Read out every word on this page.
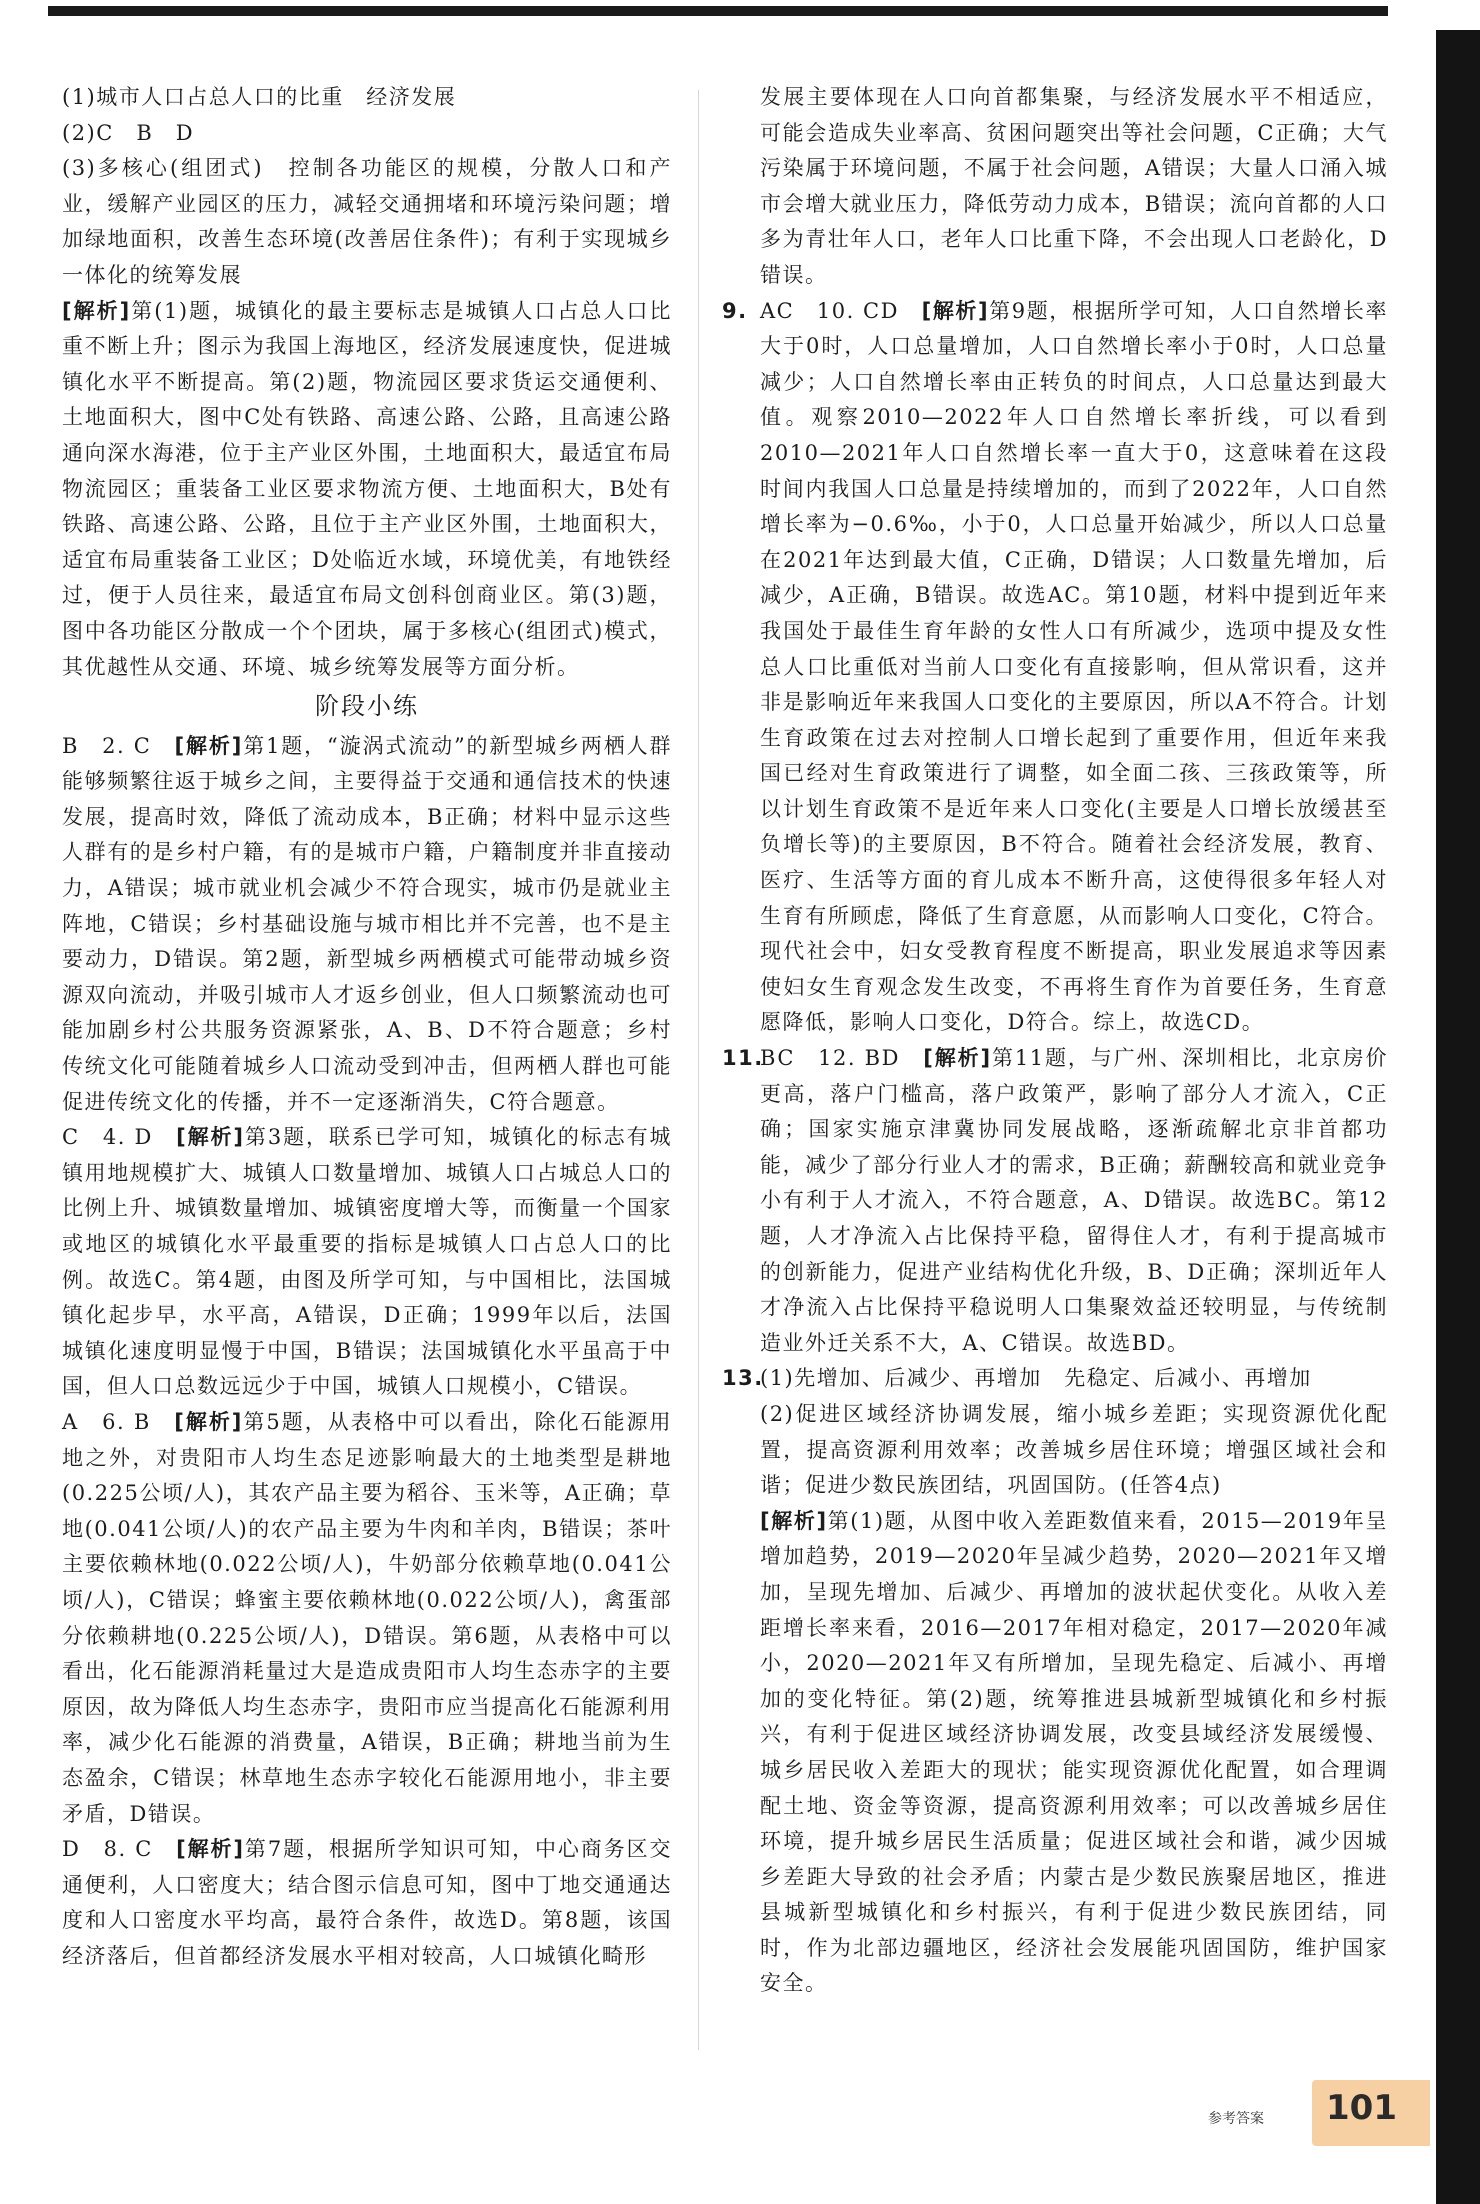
(1)城市人口占总人口的比重　经济发展

(2)C　B　D

(3)多核心(组团式)　控制各功能区的规模，分散人口和产业，缓解产业园区的压力，减轻交通拥堵和环境污染问题；增加绿地面积，改善生态环境(改善居住条件)；有利于实现城乡一体化的统筹发展

[解析]第(1)题，城镇化的最主要标志是城镇人口占总人口比重不断上升；图示为我国上海地区，经济发展速度快，促进城镇化水平不断提高。第(2)题，物流园区要求货运交通便利、土地面积大，图中C处有铁路、高速公路、公路，且高速公路通向深水海港，位于主产业区外围，土地面积大，最适宜布局物流园区；重装备工业区要求物流方便、土地面积大，B处有铁路、高速公路、公路，且位于主产业区外围，土地面积大，适宜布局重装备工业区；D处临近水域，环境优美，有地铁经过，便于人员往来，最适宜布局文创科创商业区。第(3)题，图中各功能区分散成一个个团块，属于多核心(组团式)模式，其优越性从交通、环境、城乡统筹发展等方面分析。

阶段小练

B　2. C　[解析]第1题，“漩涡式流动”的新型城乡两栖人群能够频繁往返于城乡之间，主要得益于交通和通信技术的快速发展，提高时效，降低了流动成本，B正确；材料中显示这些人群有的是乡村户籍，有的是城市户籍，户籍制度并非直接动力，A错误；城市就业机会减少不符合现实，城市仍是就业主阵地，C错误；乡村基础设施与城市相比并不完善，也不是主要动力，D错误。第2题，新型城乡两栖模式可能带动城乡资源双向流动，并吸引城市人才返乡创业，但人口频繁流动也可能加剧乡村公共服务资源紧张，A、B、D不符合题意；乡村传统文化可能随着城乡人口流动受到冲击，但两栖人群也可能促进传统文化的传播，并不一定逐渐消失，C符合题意。

C　4. D　[解析]第3题，联系已学可知，城镇化的标志有城镇用地规模扩大、城镇人口数量增加、城镇人口占城总人口的比例上升、城镇数量增加、城镇密度增大等，而衡量一个国家或地区的城镇化水平最重要的指标是城镇人口占总人口的比例。故选C。第4题，由图及所学可知，与中国相比，法国城镇化起步早，水平高，A错误，D正确；1999年以后，法国城镇化速度明显慢于中国，B错误；法国城镇化水平虽高于中国，但人口总数远远少于中国，城镇人口规模小，C错误。

A　6. B　[解析]第5题，从表格中可以看出，除化石能源用地之外，对贵阳市人均生态足迹影响最大的土地类型是耕地(0.225公顷/人)，其农产品主要为稻谷、玉米等，A正确；草地(0.041公顷/人)的农产品主要为牛肉和羊肉，B错误；茶叶主要依赖林地(0.022公顷/人)，牛奶部分依赖草地(0.041公顷/人)，C错误；蜂蜜主要依赖林地(0.022公顷/人)，禽蛋部分依赖耕地(0.225公顷/人)，D错误。第6题，从表格中可以看出，化石能源消耗量过大是造成贵阳市人均生态赤字的主要原因，故为降低人均生态赤字，贵阳市应当提高化石能源利用率，减少化石能源的消费量，A错误，B正确；耕地当前为生态盈余，C错误；林草地生态赤字较化石能源用地小，非主要矛盾，D错误。

D　8. C　[解析]第7题，根据所学知识可知，中心商务区交通便利，人口密度大；结合图示信息可知，图中丁地交通通达度和人口密度水平均高，最符合条件，故选D。第8题，该国经济落后，但首都经济发展水平相对较高，人口城镇化畸形

发展主要体现在人口向首都集聚，与经济发展水平不相适应，可能会造成失业率高、贫困问题突出等社会问题，C正确；大气污染属于环境问题，不属于社会问题，A错误；大量人口涌入城市会增大就业压力，降低劳动力成本，B错误；流向首都的人口多为青壮年人口，老年人口比重下降，不会出现人口老龄化，D错误。

9. AC　10. CD　[解析]第9题，根据所学可知，人口自然增长率大于0时，人口总量增加，人口自然增长率小于0时，人口总量减少；人口自然增长率由正转负的时间点，人口总量达到最大值。观察2010—2022年人口自然增长率折线，可以看到2010—2021年人口自然增长率一直大于0，这意味着在这段时间内我国人口总量是持续增加的，而到了2022年，人口自然增长率为−0.6‰，小于0，人口总量开始减少，所以人口总量在2021年达到最大值，C正确，D错误；人口数量先增加，后减少，A正确，B错误。故选AC。第10题，材料中提到近年来我国处于最佳生育年龄的女性人口有所减少，选项中提及女性总人口比重低对当前人口变化有直接影响，但从常识看，这并非是影响近年来我国人口变化的主要原因，所以A不符合。计划生育政策在过去对控制人口增长起到了重要作用，但近年来我国已经对生育政策进行了调整，如全面二孩、三孩政策等，所以计划生育政策不是近年来人口变化(主要是人口增长放缓甚至负增长等)的主要原因，B不符合。随着社会经济发展，教育、医疗、生活等方面的育儿成本不断升高，这使得很多年轻人对生育有所顾虑，降低了生育意愿，从而影响人口变化，C符合。现代社会中，妇女受教育程度不断提高，职业发展追求等因素使妇女生育观念发生改变，不再将生育作为首要任务，生育意愿降低，影响人口变化，D符合。综上，故选CD。

11.BC　12. BD　[解析]第11题，与广州、深圳相比，北京房价更高，落户门槛高，落户政策严，影响了部分人才流入，C正确；国家实施京津冀协同发展战略，逐渐疏解北京非首都功能，减少了部分行业人才的需求，B正确；薪酬较高和就业竞争小有利于人才流入，不符合题意，A、D错误。故选BC。第12题，人才净流入占比保持平稳，留得住人才，有利于提高城市的创新能力，促进产业结构优化升级，B、D正确；深圳近年人才净流入占比保持平稳说明人口集聚效益还较明显，与传统制造业外迁关系不大，A、C错误。故选BD。

13.(1)先增加、后减少、再增加　先稳定、后减小、再增加

(2)促进区域经济协调发展，缩小城乡差距；实现资源优化配置，提高资源利用效率；改善城乡居住环境；增强区域社会和谐；促进少数民族团结，巩固国防。(任答4点)

[解析]第(1)题，从图中收入差距数值来看，2015—2019年呈增加趋势，2019—2020年呈减少趋势，2020—2021年又增加，呈现先增加、后减少、再增加的波状起伏变化。从收入差距增长率来看，2016—2017年相对稳定，2017—2020年减小，2020—2021年又有所增加，呈现先稳定、后减小、再增加的变化特征。第(2)题，统筹推进县城新型城镇化和乡村振兴，有利于促进区域经济协调发展，改变县域经济发展缓慢、城乡居民收入差距大的现状；能实现资源优化配置，如合理调配土地、资金等资源，提高资源利用效率；可以改善城乡居住环境，提升城乡居民生活质量；促进区域社会和谐，减少因城乡差距大导致的社会矛盾；内蒙古是少数民族聚居地区，推进县城新型城镇化和乡村振兴，有利于促进少数民族团结，同时，作为北部边疆地区，经济社会发展能巩固国防，维护国家安全。

参考答案 101
